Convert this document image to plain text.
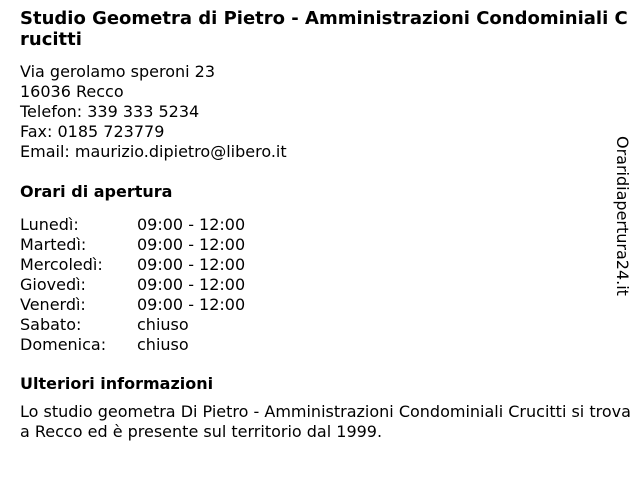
Studio Geometra di Pietro - Amministrazioni Condominiali Crucitti
Via gerolamo speroni 23
16036 Recco
Telefon: 339 333 5234
Fax: 0185 723779
Email: maurizio.dipietro@libero.it
Orari di apertura
Lunedì:	09:00 - 12:00
Martedì:	09:00 - 12:00
Mercoledì:	09:00 - 12:00
Giovedì:	09:00 - 12:00
Venerdì:	09:00 - 12:00
Sabato:	chiuso
Domenica:	chiuso
Ulteriori informazioni
Lo studio geometra Di Pietro - Amministrazioni Condominiali Crucitti si trova a Recco ed è presente sul territorio dal 1999.
Oraridiapertura24.it
